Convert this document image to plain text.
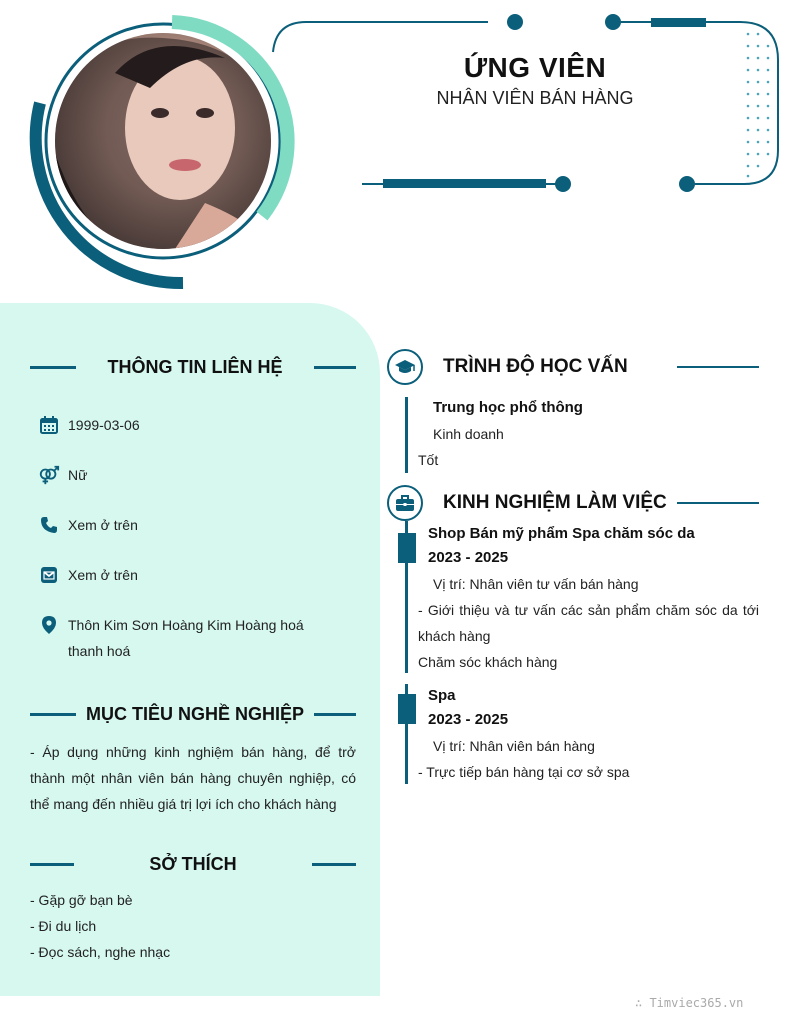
ỨNG VIÊN
NHÂN VIÊN BÁN HÀNG
THÔNG TIN LIÊN HỆ
1999-03-06
Nữ
Xem ở trên
Xem ở trên
Thôn Kim Sơn Hoàng Kim Hoàng hoá thanh hoá
MỤC TIÊU NGHỀ NGHIỆP
- Áp dụng những kinh nghiệm bán hàng, để trở thành một nhân viên bán hàng chuyên nghiệp, có thể mang đến nhiều giá trị lợi ích cho khách hàng
SỞ THÍCH
- Gặp gỡ bạn bè
- Đi du lịch
- Đọc sách, nghe nhạc
TRÌNH ĐỘ HỌC VẤN
Trung học phổ thông
Kinh doanh
Tốt
KINH NGHIỆM LÀM VIỆC
Shop Bán mỹ phẩm Spa chăm sóc da
2023 - 2025
Vị trí: Nhân viên tư vấn bán hàng
- Giới thiệu và tư vấn các sản phẩm chăm sóc da tới khách hàng
Chăm sóc khách hàng
Spa
2023 - 2025
Vị trí: Nhân viên bán hàng
- Trực tiếp bán hàng tại cơ sở spa
∴ Timviec365.vn
